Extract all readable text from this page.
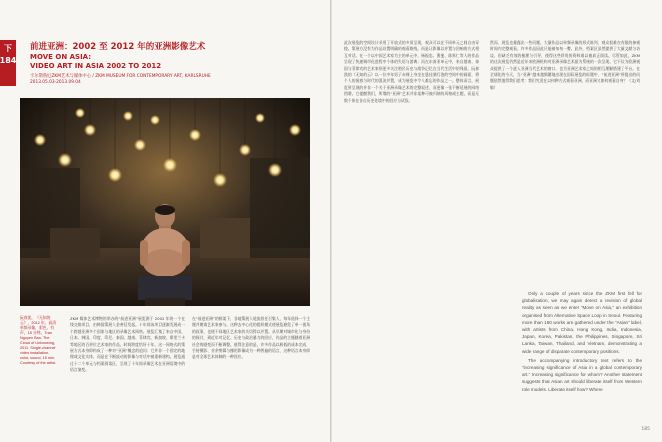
下
184
前进亚洲：2002 至 2012 年的亚洲影像艺术
MOVE ON ASIA:
VIDEO ART IN ASIA 2002 TO 2012
卡尔斯鲁厄ZKM艺术与媒体中心 / ZKM MUSEUM FOR CONTEMPORARY ART, KARLSRUHE
2013.05.03-2013.09.04
阮春凯，《无知的云》，2012 年，高清单频录像，彩色，有声，15 分钟。Tran Nguyen Bao, The Cloud of Unknowing, 2011. Single-channel video installation, color, sound, 15 min. Courtesy of the artist.
ZKM 媒体艺术博物馆举办的“前进亚洲”展览源于 2002 年的一个在线交换项目，由韩国策展人金善廷发起。十年间该项目逐渐发展成一个跨越亚洲多个国家与地区的录像艺术网络。展览汇集了来自中国、日本、韩国、印度、印尼、泰国、越南、菲律宾、新加坡、斯里兰卡等地区的百余位艺术家的作品，时间跨度恰好十年。这一网络式的策展方式本身即构成了一种对“亚洲”概念的追问：它并非一个固定的地理或文化实体，而是在不断流动的影像与对话中被重新建构。展览通过十二个单元与档案阅读区，呈现了十年间录像艺术在亚洲语境中的语言演变。
在“前进亚洲”的框架下，各地策展人轮流担任召集人，每年选择一个主题并邀请艺术家参与。这种去中心化的组织模式使展览避免了单一视角的叙事，也使不同地区艺术家的关切得以并置。从早期对城市化与身份的探讨，到近年对记忆、历史与政治暴力的回应，作品的主题随着亚洲社会的剧变而不断调整。值得注意的是，许多作品以极低的成本完成，手持摄影、业余剪辑与挪用影像成为一种普遍的语言，这种语言本身即是对全球艺术体制的一种回应。
此次展览的空间设计采用了开放式的多屏呈现，观众可以在不同单元之间自由穿梭。策展方没有为作品设置明确的观看路线，而是让影像以并置与回响的方式相互对话。在一个以中国艺术家为主的单元中，杨振忠、曹斐、陈界仁等人的作品呈现了快速城市化进程中个体的失语与游离；而在东南亚单元中，来自越南、泰国与菲律宾的艺术家则更多关注殖民历史与战争记忆在当代生活中的残留。阮春凯的《无知的云》以一位中年男子赤裸上身坐在悬挂满灯泡的空间中的画面，将个人的困惑与时代的混沌并置，成为展览中令人难忘的作品之一。整体而言，展览所呈现的并非一个关于亚洲录像艺术的完整叙述，而更像一张不断延展的网络图谱。它提醒我们，所谓的“亚洲”艺术并非某种可被归纳的风格或主题，而是无数个体在各自历史处境中的回应与试验。
然而，展览也暴露出一些问题。大量作品以单频录像的形式陈列，观众很难在有限的参观时间内完整观看，许多作品因此只能被匆匆一瞥。此外，档案区虽然提供了大量文献与访谈，但缺乏有效的梳理与引导，使得这些珍贵的资料难以被真正阅读。尽管如此，ZKM 的这次展览仍然是近年来欧洲机构对亚洲录像艺术最为系统的一次呈现。它不仅为欧洲观众提供了一个进入亚洲当代艺术的窗口，也为亚洲艺术家之间的相互理解搭建了平台。在全球化的今天，当“亚洲”越来越频繁地出现在国际展览的标题中，“前进亚洲”所提出的问题依然值得我们思考：我们究竟在以何种方式观看亚洲，而亚洲又如何观看自身？（文/刘敏）

Only a couple of years since the ZKM first fell for globalisation, we may again detect a revision of global reality as seen as we enter “Move on Asia,” an exhibition organised from Alternative Space Loop in Seoul. Featuring more than 160 works are gathered under the “Asian” label, with artists from China, Hong Kong, India, Indonesia, Japan, Korea, Pakistan, the Philippines, Singapore, Sri Lanka, Taiwan, Thailand, and Vietnam, demonstrating a wide range of disparate contemporary positions.

The accompanying introductory text refers to the “increasing significance of Asia in a global contemporary art.” Increasing significance for whom? Another statement suggests that Asian art should liberate itself from Western role models. Liberate itself how? Where

185
